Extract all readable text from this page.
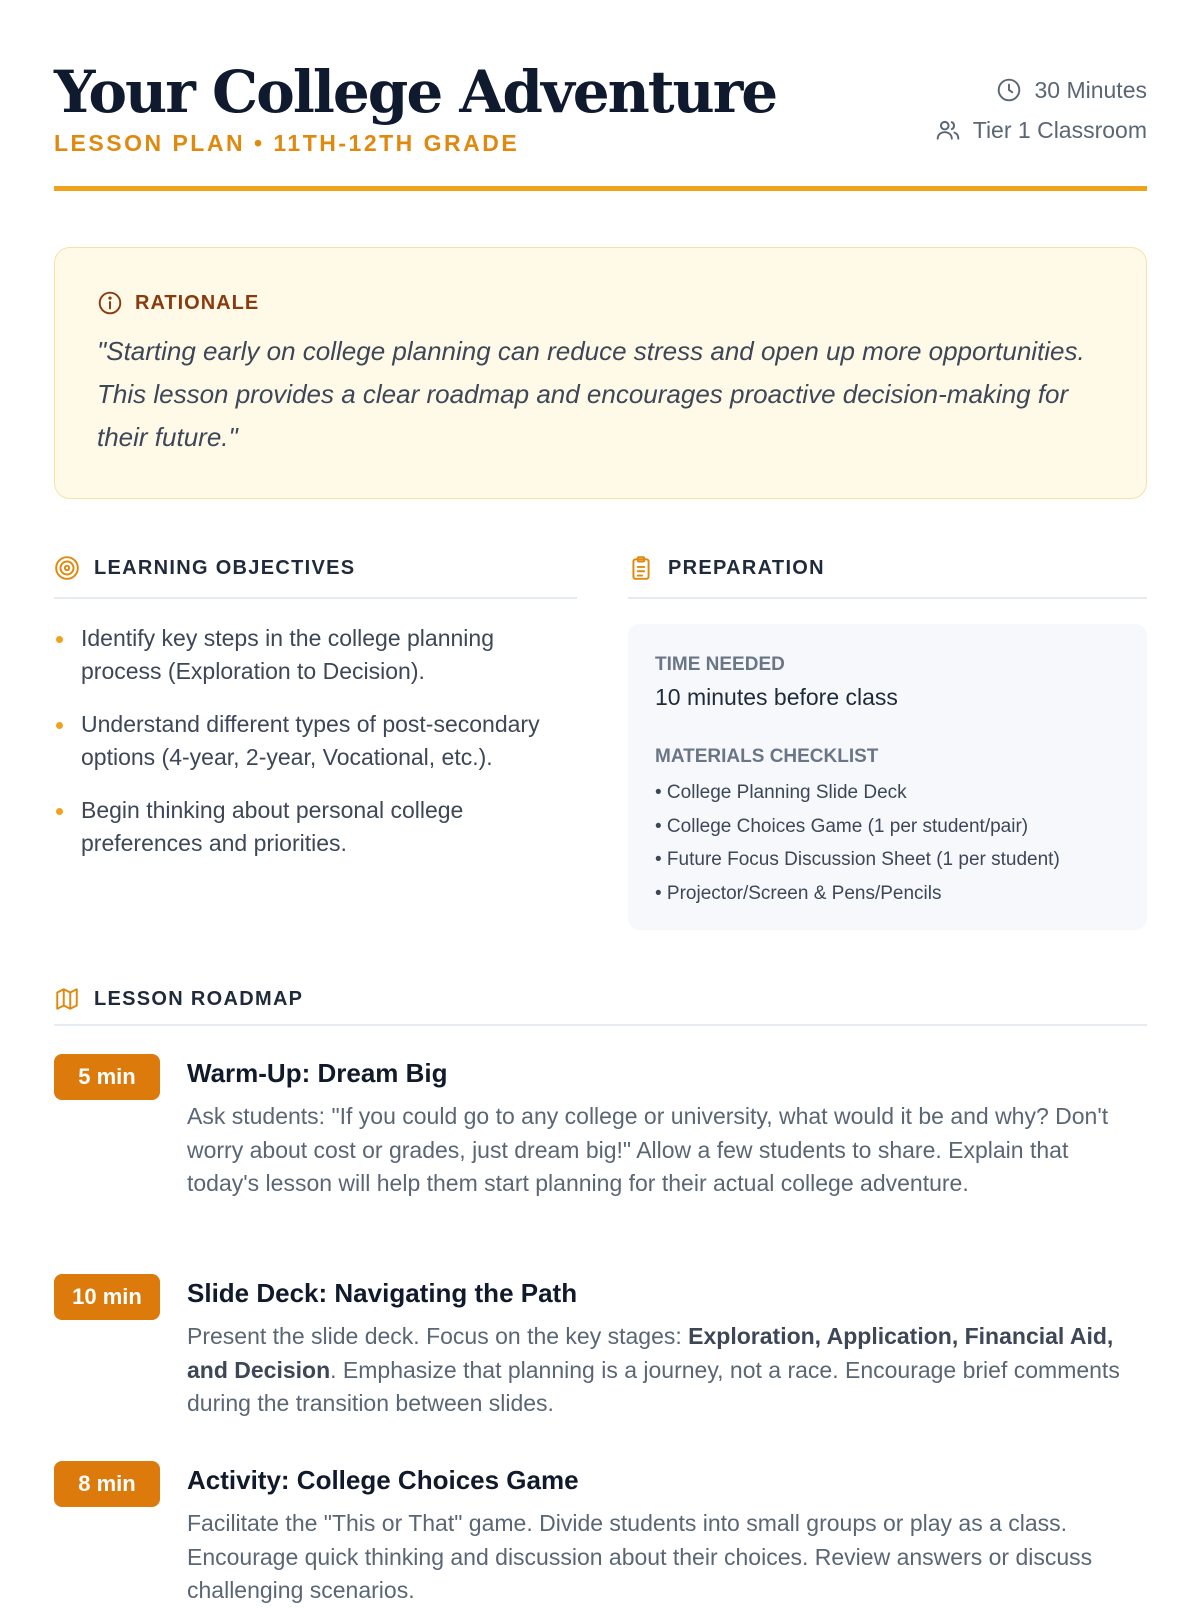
Your College Adventure
LESSON PLAN • 11TH-12TH GRADE
30 Minutes
Tier 1 Classroom
RATIONALE
"Starting early on college planning can reduce stress and open up more opportunities. This lesson provides a clear roadmap and encourages proactive decision-making for their future."
LEARNING OBJECTIVES
Identify key steps in the college planning process (Exploration to Decision).
Understand different types of post-secondary options (4-year, 2-year, Vocational, etc.).
Begin thinking about personal college preferences and priorities.
PREPARATION
TIME NEEDED
10 minutes before class
MATERIALS CHECKLIST
• College Planning Slide Deck
• College Choices Game (1 per student/pair)
• Future Focus Discussion Sheet (1 per student)
• Projector/Screen & Pens/Pencils
LESSON ROADMAP
5 min	Warm-Up: Dream Big
Ask students: "If you could go to any college or university, what would it be and why? Don't worry about cost or grades, just dream big!" Allow a few students to share. Explain that today's lesson will help them start planning for their actual college adventure.
10 min	Slide Deck: Navigating the Path
Present the slide deck. Focus on the key stages: Exploration, Application, Financial Aid, and Decision. Emphasize that planning is a journey, not a race. Encourage brief comments during the transition between slides.
8 min	Activity: College Choices Game
Facilitate the "This or That" game. Divide students into small groups or play as a class. Encourage quick thinking and discussion about their choices. Review answers or discuss challenging scenarios.
